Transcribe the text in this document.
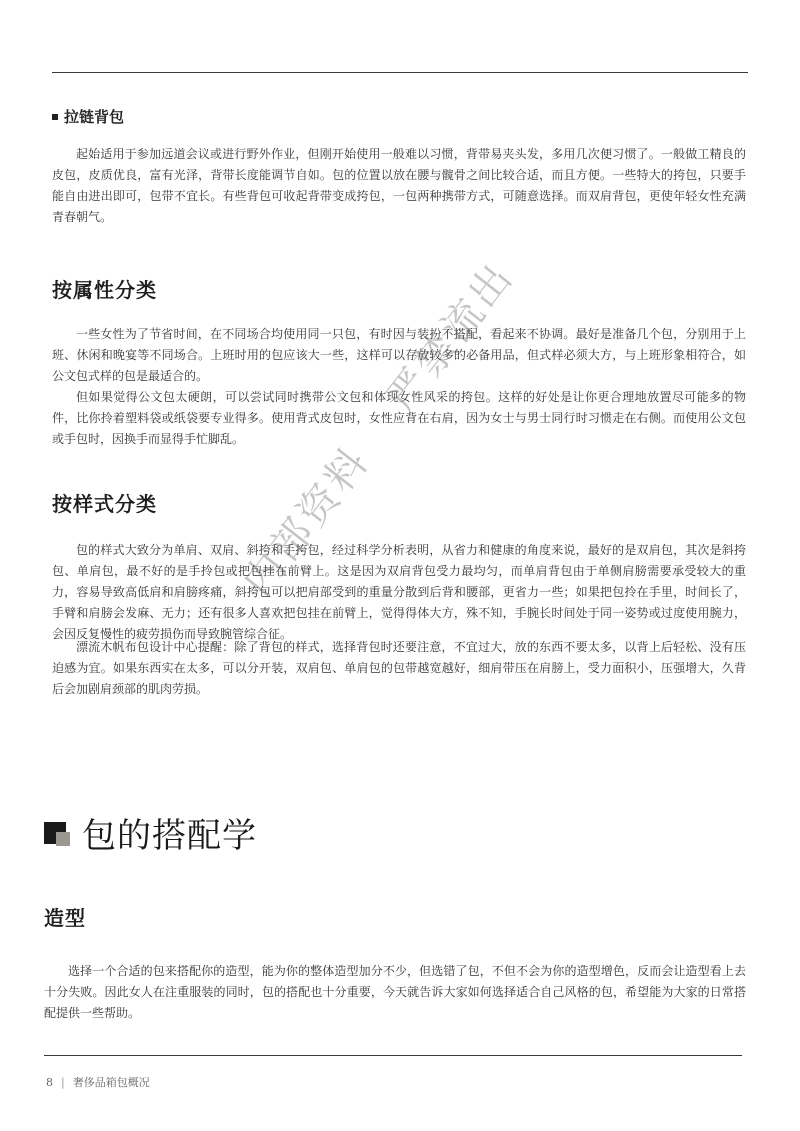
拉链背包

起始适用于参加远道会议或进行野外作业，但刚开始使用一般难以习惯，背带易夹头发，多用几次便习惯了。一般做工精良的皮包，皮质优良，富有光泽，背带长度能调节自如。包的位置以放在腰与髋骨之间比较合适，而且方便。一些特大的挎包，只要手能自由进出即可，包带不宜长。有些背包可收起背带变成挎包，一包两种携带方式，可随意选择。而双肩背包，更使年轻女性充满青春朝气。

按属性分类

一些女性为了节省时间，在不同场合均使用同一只包，有时因与装扮不搭配，看起来不协调。最好是准备几个包，分别用于上班、休闲和晚宴等不同场合。上班时用的包应该大一些，这样可以存放较多的必备用品，但式样必须大方，与上班形象相符合，如公文包式样的包是最适合的。

但如果觉得公文包太硬朗，可以尝试同时携带公文包和体现女性风采的挎包。这样的好处是让你更合理地放置尽可能多的物件，比你拎着塑料袋或纸袋要专业得多。使用背式皮包时，女性应背在右肩，因为女士与男士同行时习惯走在右侧。而使用公文包或手包时，因换手而显得手忙脚乱。

按样式分类

包的样式大致分为单肩、双肩、斜挎和手挎包，经过科学分析表明，从省力和健康的角度来说，最好的是双肩包，其次是斜挎包、单肩包，最不好的是手拎包或把包挂在前臂上。这是因为双肩背包受力最均匀，而单肩背包由于单侧肩膀需要承受较大的重力，容易导致高低肩和肩膀疼痛，斜挎包可以把肩部受到的重量分散到后背和腰部，更省力一些；如果把包拎在手里，时间长了，手臂和肩膀会发麻、无力；还有很多人喜欢把包挂在前臂上，觉得得体大方，殊不知，手腕长时间处于同一姿势或过度使用腕力，会因反复慢性的疲劳损伤而导致腕管综合征。

漂流木帆布包设计中心提醒：除了背包的样式，选择背包时还要注意，不宜过大，放的东西不要太多，以背上后轻松、没有压迫感为宜。如果东西实在太多，可以分开装，双肩包、单肩包的包带越宽越好，细肩带压在肩膀上，受力面积小，压强增大，久背后会加剧肩颈部的肌肉劳损。

内部资料严禁流出
包的搭配学
造型

选择一个合适的包来搭配你的造型，能为你的整体造型加分不少，但选错了包，不但不会为你的造型增色，反而会让造型看上去十分失败。因此女人在注重服装的同时，包的搭配也十分重要，今天就告诉大家如何选择适合自己风格的包，希望能为大家的日常搭配提供一些帮助。

8 | 奢侈品箱包概况
